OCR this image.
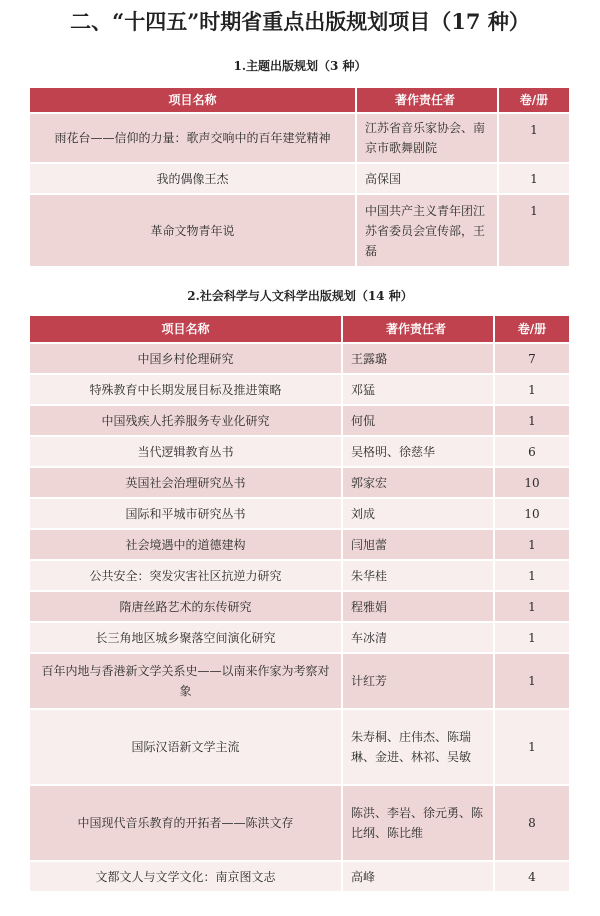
二、“十四五”时期省重点出版规划项目（17 种）
1.主题出版规划（3 种）
项目名称	著作责任者	卷/册
雨花台——信仰的力量：歌声交响中的百年建党精神	江苏省音乐家协会、南京市歌舞剧院	1
我的偶像王杰	高保国	1
革命文物青年说	中国共产主义青年团江苏省委员会宣传部，王磊	1
2.社会科学与人文科学出版规划（14 种）
项目名称	著作责任者	卷/册
中国乡村伦理研究	王露璐	7
特殊教育中长期发展目标及推进策略	邓猛	1
中国残疾人托养服务专业化研究	何侃	1
当代逻辑教育丛书	吴格明、徐慈华	6
英国社会治理研究丛书	郭家宏	10
国际和平城市研究丛书	刘成	10
社会境遇中的道德建构	闫旭蕾	1
公共安全：突发灾害社区抗逆力研究	朱华桂	1
隋唐丝路艺术的东传研究	程雅娟	1
长三角地区城乡聚落空间演化研究	车冰清	1
百年内地与香港新文学关系史——以南来作家为考察对象	计红芳	1
国际汉语新文学主流	朱寿桐、庄伟杰、陈瑞琳、金进、林祁、吴敏	1
中国现代音乐教育的开拓者——陈洪文存	陈洪、李岩、徐元勇、陈比纲、陈比维	8
文都文人与文学文化：南京图文志	高峰	4
